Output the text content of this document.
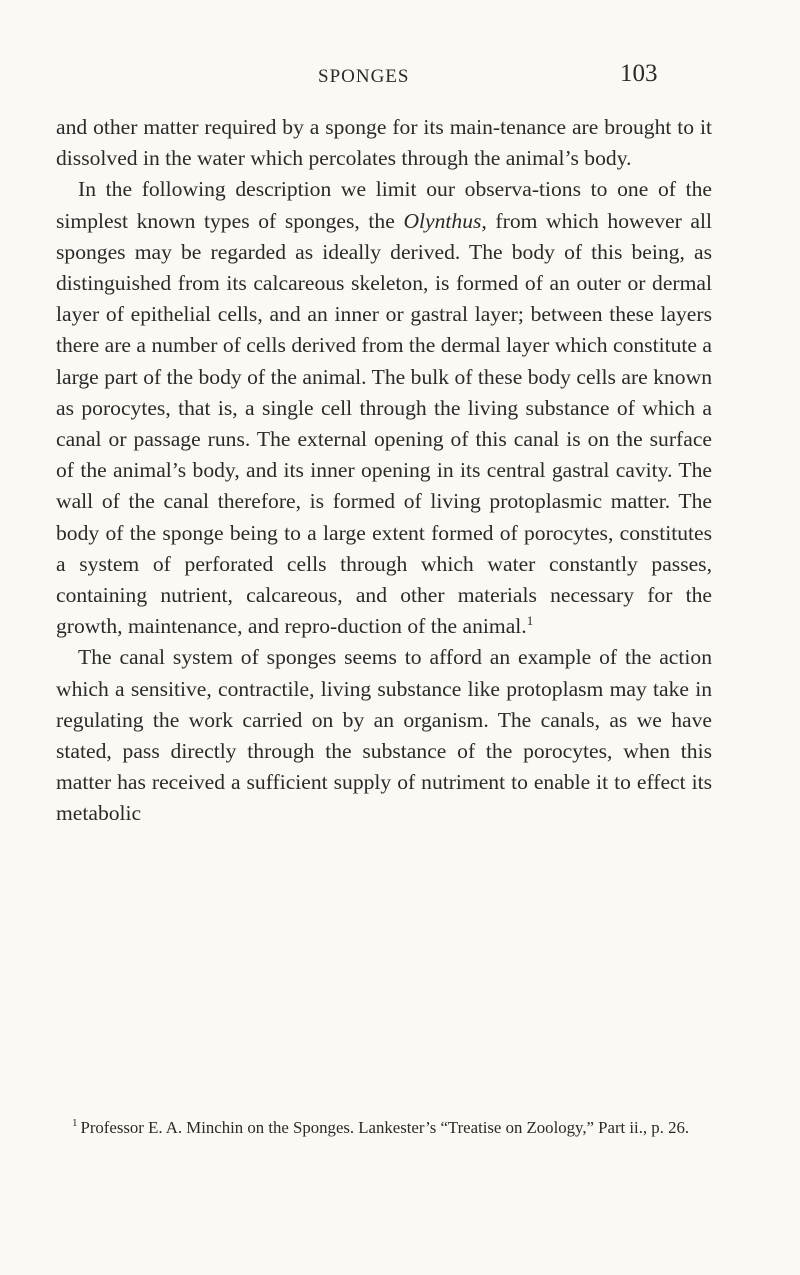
SPONGES	103

and other matter required by a sponge for its main-tenance are brought to it dissolved in the water which percolates through the animal’s body.

In the following description we limit our observa-tions to one of the simplest known types of sponges, the Olynthus, from which however all sponges may be regarded as ideally derived. The body of this being, as distinguished from its calcareous skeleton, is formed of an outer or dermal layer of epithelial cells, and an inner or gastral layer; between these layers there are a number of cells derived from the dermal layer which constitute a large part of the body of the animal. The bulk of these body cells are known as porocytes, that is, a single cell through the living substance of which a canal or passage runs. The external opening of this canal is on the surface of the animal’s body, and its inner opening in its central gastral cavity. The wall of the canal therefore, is formed of living protoplasmic matter. The body of the sponge being to a large extent formed of porocytes, constitutes a system of perforated cells through which water constantly passes, containing nutrient, calcareous, and other materials necessary for the growth, maintenance, and repro-duction of the animal.$^1$

The canal system of sponges seems to afford an example of the action which a sensitive, contractile, living substance like protoplasm may take in regulating the work carried on by an organism. The canals, as we have stated, pass directly through the substance of the porocytes, when this matter has received a sufficient supply of nutriment to enable it to effect its metabolic

$^1$ Professor E. A. Minchin on the Sponges. Lankester’s “Treatise on Zoology,” Part ii., p. 26.
